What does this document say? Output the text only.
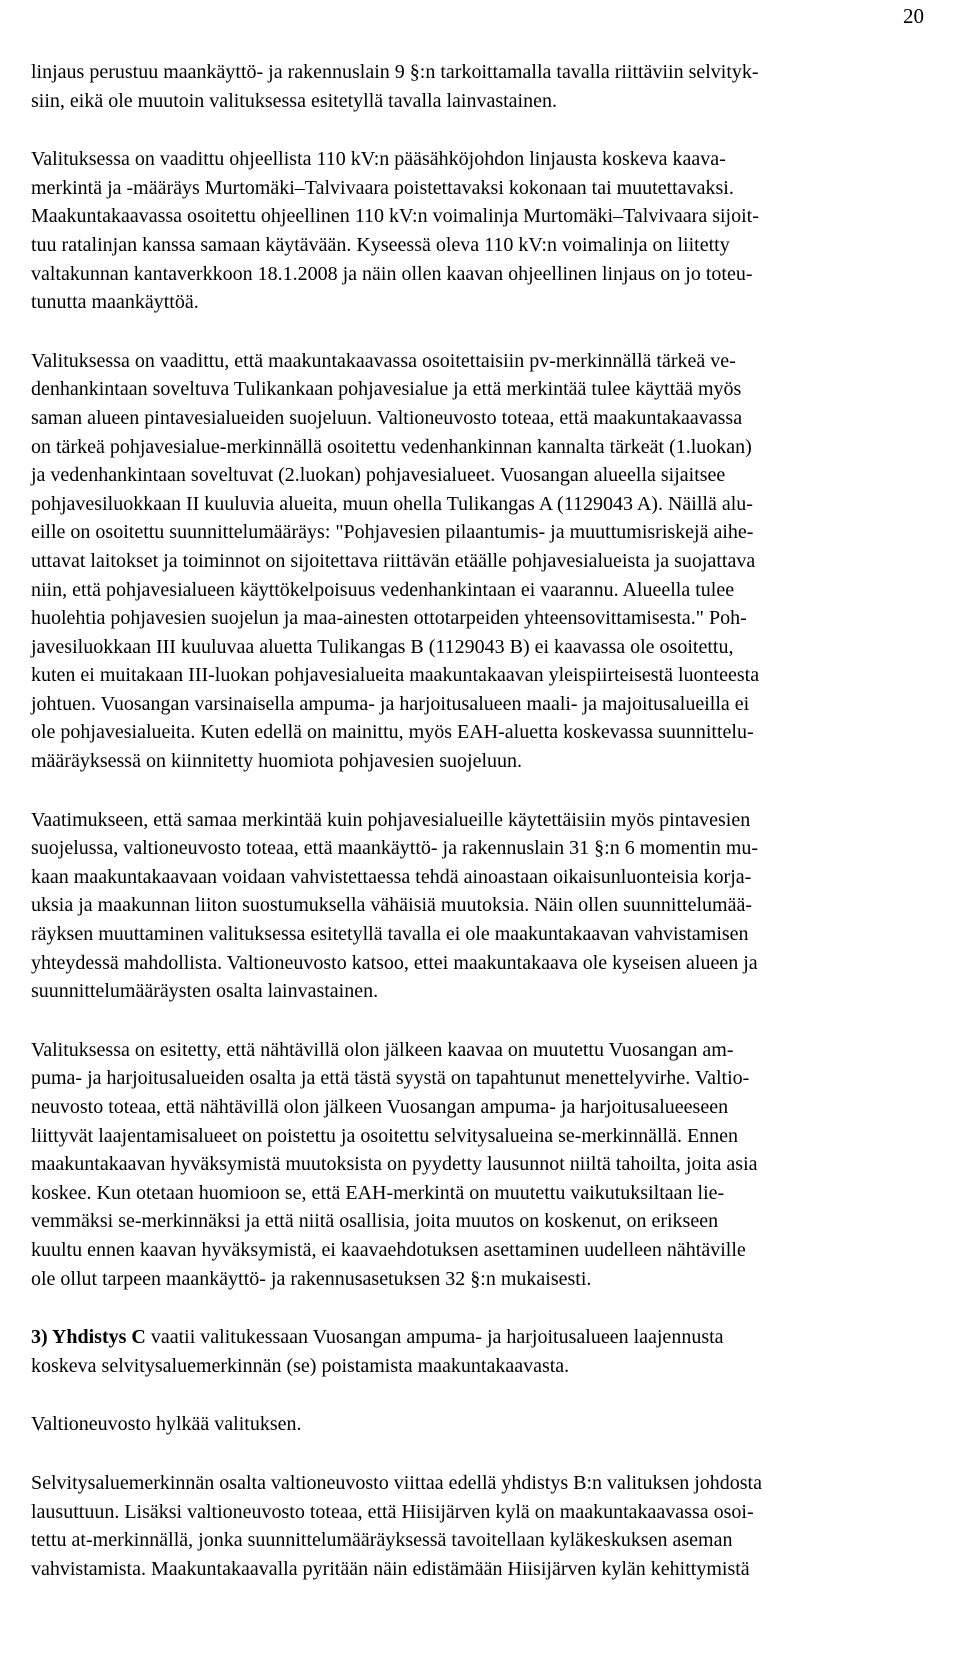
20

linjaus perustuu maankäyttö- ja rakennuslain 9 §:n tarkoittamalla tavalla riittäviin selvityk-
siin, eikä ole muutoin valituksessa esitetyllä tavalla lainvastainen.

Valituksessa on vaadittu ohjeellista 110 kV:n pääsähköjohdon linjausta koskeva kaava-
merkintä ja -määräys Murtomäki–Talvivaara poistettavaksi kokonaan tai muutettavaksi.
Maakuntakaavassa osoitettu ohjeellinen 110 kV:n voimalinja Murtomäki–Talvivaara sijoit-
tuu ratalinjan kanssa samaan käytävään. Kyseessä oleva 110 kV:n voimalinja on liitetty
valtakunnan kantaverkkoon 18.1.2008 ja näin ollen kaavan ohjeellinen linjaus on jo toteu-
tunutta maankäyttöä.

Valituksessa on vaadittu, että maakuntakaavassa osoitettaisiin pv-merkinnällä tärkeä ve-
denhankintaan soveltuva Tulikankaan pohjavesialue ja että merkintää tulee käyttää myös
saman alueen pintavesialueiden suojeluun. Valtioneuvosto toteaa, että maakuntakaavassa
on tärkeä pohjavesialue-merkinnällä osoitettu vedenhankinnan kannalta tärkeät (1.luokan)
ja vedenhankintaan soveltuvat (2.luokan) pohjavesialueet. Vuosangan alueella sijaitsee
pohjavesiluokkaan II kuuluvia alueita, muun ohella Tulikangas A (1129043 A). Näillä alu-
eille on osoitettu suunnittelumääräys: "Pohjavesien pilaantumis- ja muuttumisriskejä aihe-
uttavat laitokset ja toiminnot on sijoitettava riittävän etäälle pohjavesialueista ja suojattava
niin, että pohjavesialueen käyttökelpoisuus vedenhankintaan ei vaarannu. Alueella tulee
huolehtia pohjavesien suojelun ja maa-ainesten ottotarpeiden yhteensovittamisesta." Poh-
javesiluokkaan III kuuluvaa aluetta Tulikangas B (1129043 B) ei kaavassa ole osoitettu,
kuten ei muitakaan III-luokan pohjavesialueita maakuntakaavan yleispiirteisestä luonteesta
johtuen. Vuosangan varsinaisella ampuma- ja harjoitusalueen maali- ja majoitusalueilla ei
ole pohjavesialueita. Kuten edellä on mainittu, myös EAH-aluetta koskevassa suunnittelu-
määräyksessä on kiinnitetty huomiota pohjavesien suojeluun.

Vaatimukseen, että samaa merkintää kuin pohjavesialueille käytettäisiin myös pintavesien
suojelussa, valtioneuvosto toteaa, että maankäyttö- ja rakennuslain 31 §:n 6 momentin mu-
kaan maakuntakaavaan voidaan vahvistettaessa tehdä ainoastaan oikaisunluonteisia korja-
uksia ja maakunnan liiton suostumuksella vähäisiä muutoksia. Näin ollen suunnittelumää-
räyksen muuttaminen valituksessa esitetyllä tavalla ei ole maakuntakaavan vahvistamisen
yhteydessä mahdollista. Valtioneuvosto katsoo, ettei maakuntakaava ole kyseisen alueen ja
suunnittelumääräysten osalta lainvastainen.

Valituksessa on esitetty, että nähtävillä olon jälkeen kaavaa on muutettu Vuosangan am-
puma- ja harjoitusalueiden osalta ja että tästä syystä on tapahtunut menettelyvirhe. Valtio-
neuvosto toteaa, että nähtävillä olon jälkeen Vuosangan ampuma- ja harjoitusalueeseen
liittyvät laajentamisalueet on poistettu ja osoitettu selvitysalueina se-merkinnällä. Ennen
maakuntakaavan hyväksymistä muutoksista on pyydetty lausunnot niiltä tahoilta, joita asia
koskee. Kun otetaan huomioon se, että EAH-merkintä on muutettu vaikutuksiltaan lie-
vemmäksi se-merkinnäksi ja että niitä osallisia, joita muutos on koskenut, on erikseen
kuultu ennen kaavan hyväksymistä, ei kaavaehdotuksen asettaminen uudelleen nähtäville
ole ollut tarpeen maankäyttö- ja rakennusasetuksen 32 §:n mukaisesti.

3) Yhdistys C vaatii valitukessaan Vuosangan ampuma- ja harjoitusalueen laajennusta
koskeva selvitysaluemerkinnän (se) poistamista maakuntakaavasta.

Valtioneuvosto hylkää valituksen.

Selvitysaluemerkinnän osalta valtioneuvosto viittaa edellä yhdistys B:n valituksen johdosta
lausuttuun. Lisäksi valtioneuvosto toteaa, että Hiisijärven kylä on maakuntakaavassa osoi-
tettu at-merkinnällä, jonka suunnittelumääräyksessä tavoitellaan kyläkeskuksen aseman
vahvistamista. Maakuntakaavalla pyritään näin edistämään Hiisijärven kylän kehittymistä
